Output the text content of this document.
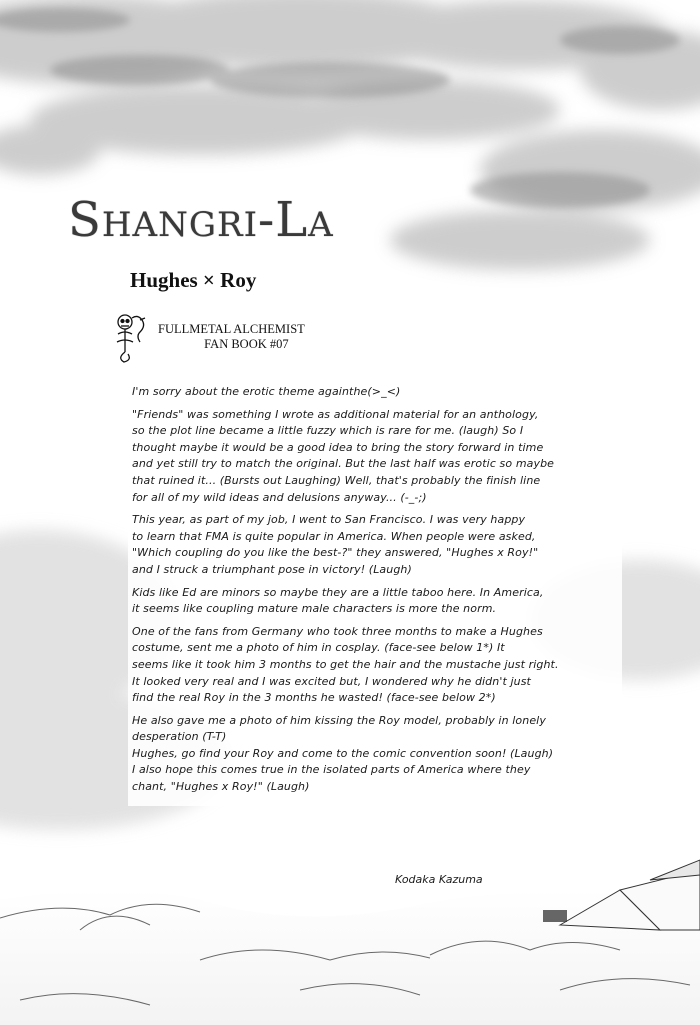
Shangri-La
Hughes × Roy
FULLMETAL ALCHEMIST
FAN BOOK #07

I'm sorry about the erotic theme againthe(>_<)

"Friends" was something I wrote as additional material for an anthology,
so the plot line became a little fuzzy which is rare for me. (laugh) So I
thought maybe it would be a good idea to bring the story forward in time
and yet still try to match the original. But the last half was erotic so maybe
that ruined it... (Bursts out Laughing) Well, that's probably the finish line
for all of my wild ideas and delusions anyway... (-_-;)

This year, as part of my job, I went to San Francisco. I was very happy
to learn that FMA is quite popular in America. When people were asked,
"Which coupling do you like the best-?" they answered, "Hughes x Roy!"
and I struck a triumphant pose in victory! (Laugh)

Kids like Ed are minors so maybe they are a little taboo here. In America,
it seems like coupling mature male characters is more the norm.

One of the fans from Germany who took three months to make a Hughes
costume, sent me a photo of him in cosplay. (face-see below 1*) It
seems like it took him 3 months to get the hair and the mustache just right.
It looked very real and I was excited but, I wondered why he didn't just
find the real Roy in the 3 months he wasted! (face-see below 2*)

He also gave me a photo of him kissing the Roy model, probably in lonely
desperation (T-T)
Hughes, go find your Roy and come to the comic convention soon! (Laugh)
I also hope this comes true in the isolated parts of America where they
chant, "Hughes x Roy!" (Laugh)

Kodaka Kazuma
